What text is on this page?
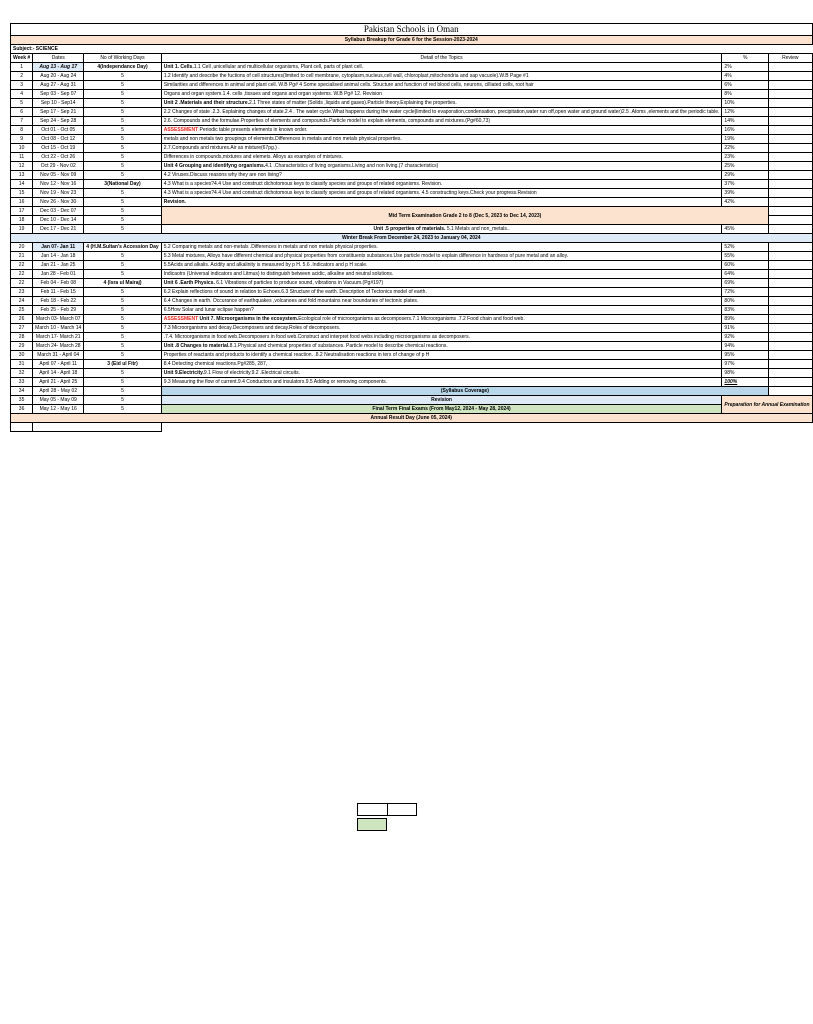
Pakistan Schools in Oman					
Syllabus Breakup for Grade 6 for the Session-2023-2024					
Subject:- SCIENCE					
Week #	Dates	No of Working Days	Detail of the Topics	%	Review
1	Aug 13 - Aug 17	4(Independance Day)	Unit 1. Cells.1.1 Cell ,unicellular and multicellular organisms, Plant cell, parts of plant cell.	2%	
2	Aug 20 - Aug 24	5	1.2 Identify and describe the fuctions of cell structures(limited to cell membrane, cytoplasm,nucleus,cell wall, chloroplast,mitochondria and sap vacuole).W.B Page #1	4%	
3	Aug 27 - Aug 31	5	Similarities and differences in animal and plant cell. W.B Pg# 4 Some specialised animal cells. Structure and function of red blood cells, neurons, cilliated cells, root hair	6%	
4	Sep 03 - Sep 07	5	Organs and organ system.1.4. cells ,tissues and organs and organ systems. W.B Pg# 12. Revision	8%	
5	Sep 10 - Sep14	5	Unit 2 .Materials and their structure.2.1 Three states of matter (Solids ,liquids and gases).Particle theory.Explaining the properties.	10%	
6	Sep 17 - Sep 21	5	2.2 Changes of state .2.3. Explaining changes of state.2.4 . The water cycle.What happens during the water cycle(limited to evaporation,condensation, precipitation,water run off,open water and ground water)2.5 .Atoms ,elements and the periodic table.	12%	
7	Sep 24 - Sep 28	5	2.6. Compounds and the formulae.Properties of elements and compounds.Particle model to explain elements, compounds and mixtures.(Pg#60,73)	14%	
8	Oct 01 - Oct 05	5	ASSESSMENT Periodic table presents elements in known order.	16%	
9	Oct 08 - Oct 12	5	metals and non metals two groupings of elements.Differences in metals and non metals physical properties.	19%	
10	Oct 15 - Oct 19	5	2.7.Compounds and mixtures.Air as mixture(67pg.) .	22%	
11	Oct 22 - Oct 26	5	Differences in compounds,mixtures and elemets. Alloys as examples of mixtures.	23%	
12	Oct 29 - Nov 02	5	Unit 4 Grouping and identifyng organisms.4.1 .Characteristics of living organisms.Living and non living.(7 characteristics)	25%	
13	Nov 05 - Nov 09	5	4.2 Viruses.Discuss reasons why they are non living?	29%	
14	Nov 12 - Nov 16	3(National Day)	4.3 What is a species?4.4 Use and construct dichotomous keys to classify species and groups of related organisms. Revision.	37%	
15	Nov 19 - Nov 23	5	4.3 What is a species?4.4 Use and construct dichotomous keys to classify species and groups of related organisms. 4.5 constructing keys.Check your progress.Revision	39%	
16	Nov 26 - Nov 30	5	Revision.	42%	
17	Dec 03 - Dec 07	5	Mid Term Examination Grade 2 to 8 (Dec 5, 2023 to Dec 14, 2023)		
18	Dec 10 - Dec 14	5			
19	Dec 17 - Dec 21	5	Unit .5 properties of materials. 5.1 Metals and non_metals..	45%	
Winter Break From December 24, 2023 to January 04, 2024					
20	Jan 07- Jan 11	4 (H.M.Sultan's Accession Day	5.2 Comparing metals and non-metals .Differences in metals and non metals physical properties.	52%	
21	Jan 14 - Jan 18	5	5.3 Metal mixtures, Alloys have different chemical and physical properties from constituents substances.Use particle model to explain difference in hardness of pure metal and an alloy.	55%	
22	Jan 21 - Jan 25	5	5.5Acids and alkalis. Acidity and alkalinity is measured by p H. 5.6 .Indicators and p H scale.	60%	
22	Jan 28 - Feb 01	5	Indicaotrs (Universal indicators and Litmus) to distinguish between acidic, alkaline and neutral solutions.	64%	
22	Feb 04 - Feb 08	4 (Isra ul Mairaj)	Unit 6 .Earth Physics. 6.1 Vibrations of particles to produce sound, vibrations in Vacuum.(Pg#197)	69%	
23	Feb 11 - Feb 15	5	6.2 Explain reflections of sound in relation to Echoes.6.3 Structure of the earth. Description of Tectonics model of earth.	72%	
24	Feb 18 - Feb 22	5	6.4 Changes in earth. Occurance of earthquakes ,volcanoes and fold mountains near boundaries of tectonic plates.	80%	
25	Feb 25 - Feb 29	5	6.5How Solar and lunar eclipse happen?	83%	
26	March 03- March 07	5	ASSESSMENT Unit 7. Microorganisms in the ecosystem.Ecological role of microorganisms as decomposers.7.1 Microorganisms .7.2 Food chain and food web.	89%	
27	March 10 - March 14	5	7.3 Microorganisms and decay.Decomposers and decay.Roles of decomposers.	91%	
28	March 17- March 21	5	.7.4. Microorganisms in food web.Decomposers in food web.Construct and interpret food webs including microorganisms as decomposers.	92%	
29	March 24- March 28	5	Unit .8 Changes to material.8.1.Physical and chemical properties of substances. Particle model to describe chemical reactions.	94%	
30	March 31 - April 04	5	Properties of reactants and products to identify a chemical reaction. .8.2 Neutralisation reactions in ters of change of p H	95%	
31	April 07 - April 11	3 (Eid ul Fitr)	8.4 Detecting chemical reactions.Pg#285, 287,	97%	
32	April 14 - April 18	5	Unit 9.Electricity.9.1 Flow of electricity.9.2 .Electrical circuits.	98%	
33	April 21 - April 25	5	9.3 Measuring the flow of current.9.4 Conductors and insulators.9.5 Adding or removing components.	100%	
34	April 28 - May 02	5	(Syllabus Coverage)		
35	May 05 - May 09	5	Revision	Preparation for Annual Examination	
36	May 12 - May 16	5	Final Term Final Exams (From May12, 2024 - May 28, 2024)		
Annual Result Day (June 05, 2024)					
